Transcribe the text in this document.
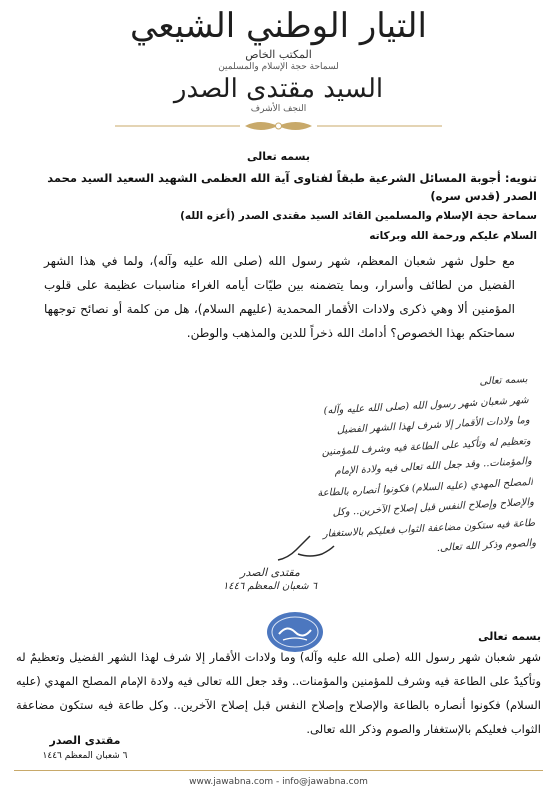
التيار الوطني الشيعي
المكتب الخاص
لسماحة حجة الإسلام والمسلمين
السيد مقتدى الصدر
النجف الأشرف
بسمه تعالى
تنويه: أجوبة المسائل الشرعية طبقاً لفتاوى آية الله العظمى الشهيد السعيد السيد محمد الصدر (قدس سره)
سماحة حجة الإسلام والمسلمين القائد السيد مقتدى الصدر (أعزه الله)
السلام عليكم ورحمة الله وبركاته
مع حلول شهر شعبان المعظم، شهر رسول الله (صلى الله عليه وآله)، ولما في هذا الشهر الفضيل من لطائف وأسرار، وبما يتضمنه بين طيّات أيامه الغراء مناسبات عظيمة على قلوب المؤمنين ألا وهي ذكرى ولادات الأقمار المحمدية (عليهم السلام)، هل من كلمة أو نصائح توجهها سماحتكم بهذا الخصوص؟ أدامك الله ذخراً للدين والمذهب والوطن.
بسمه تعالى
شهر شعبان شهر رسول الله (صلى الله عليه وآله)
وما ولادات الأقمار إلا شرف لهذا الشهر الفضيل
وتعظيم له وتأكيد على الطاعة فيه وشرف للمؤمنين
والمؤمنات.. وقد جعل الله تعالى فيه ولادة الإمام
المصلح المهدي (عليه السلام) فكونوا أنصاره بالطاعة
والإصلاح وإصلاح النفس قبل إصلاح الآخرين.. وكل
طاعة فيه ستكون مضاعفة الثواب فعليكم بالاستغفار
والصوم وذكر الله تعالى.
مقتدى الصدر
٦ شعبان المعظم ١٤٤٦
بسمه تعالى
شهر شعبان شهر رسول الله (صلى الله عليه وآله) وما ولادات الأقمار إلا شرف لهذا الشهر الفضيل وتعظيمٌ له وتأكيدٌ على الطاعة فيه وشرف للمؤمنين والمؤمنات.. وقد جعل الله تعالى فيه ولادة الإمام المصلح المهدي (عليه السلام) فكونوا أنصاره بالطاعة والإصلاح وإصلاح النفس قبل إصلاح الآخرين.. وكل طاعة فيه ستكون مضاعفة الثواب فعليكم بالإستغفار والصوم وذكر الله تعالى.
مقتدى الصدر
٦ شعبان المعظم ١٤٤٦
www.jawabna.com - info@jawabna.com
